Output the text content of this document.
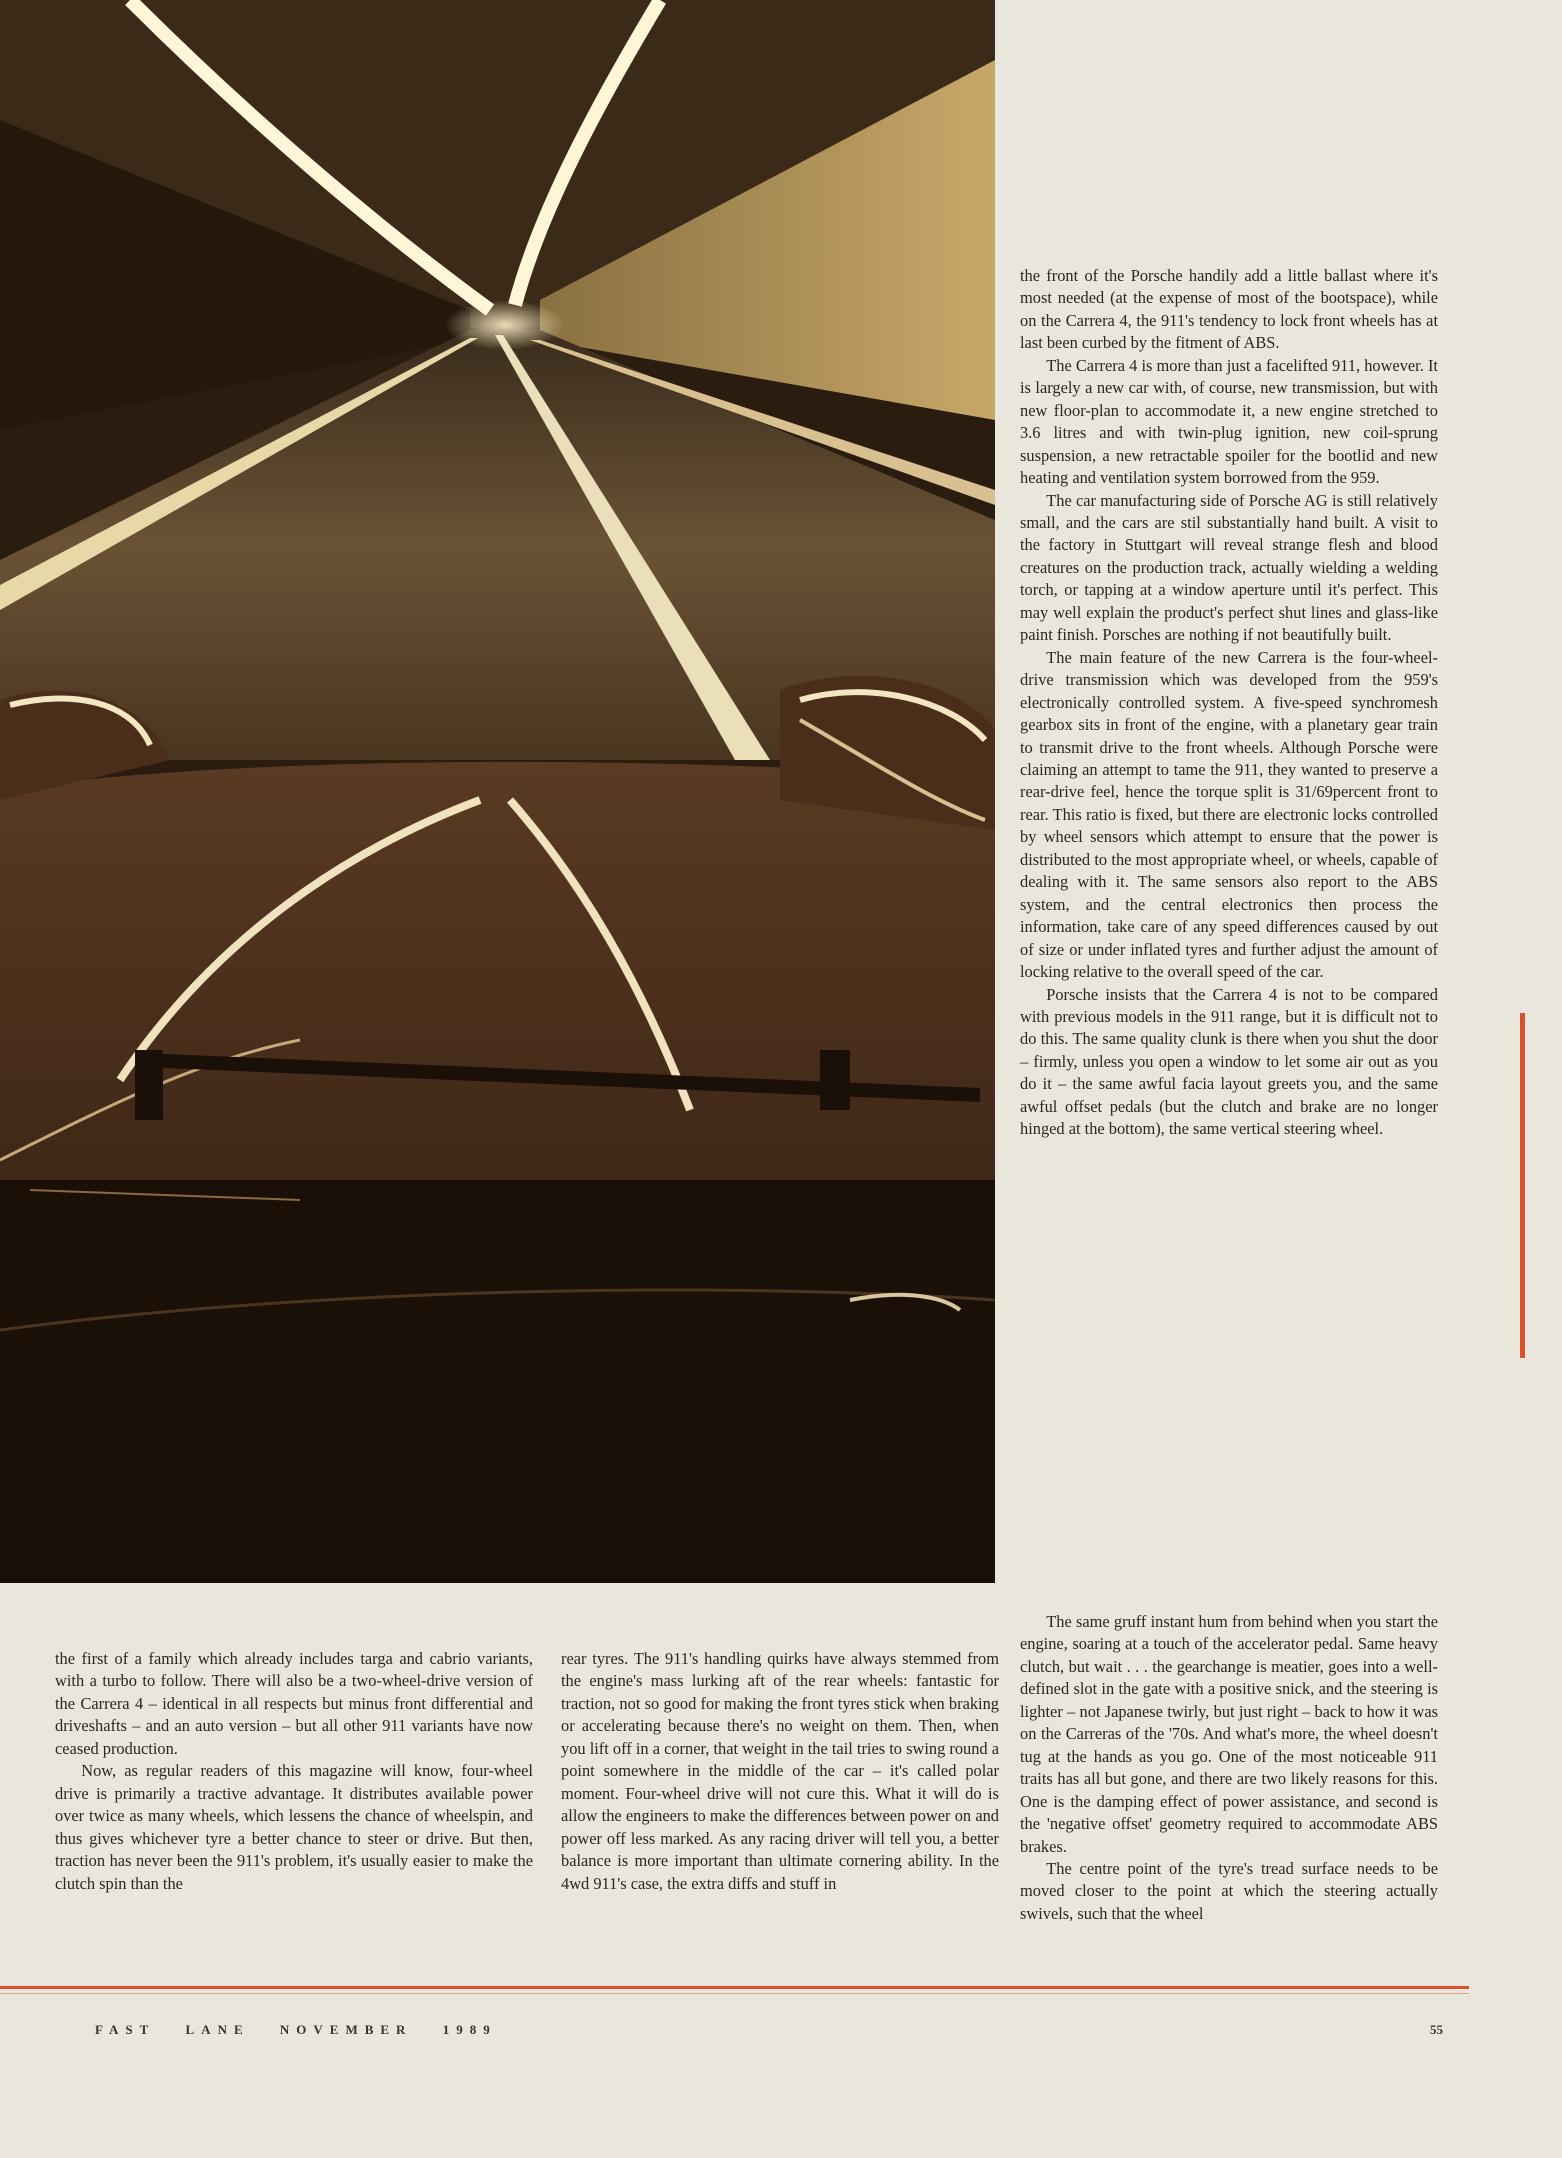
the front of the Porsche handily add a little ballast where it's most needed (at the expense of most of the bootspace), while on the Carrera 4, the 911's tendency to lock front wheels has at last been curbed by the fitment of ABS.

The Carrera 4 is more than just a facelifted 911, however. It is largely a new car with, of course, new transmission, but with new floor-plan to accommodate it, a new engine stretched to 3.6 litres and with twin-plug ignition, new coil-sprung suspension, a new retractable spoiler for the bootlid and new heating and ventilation system borrowed from the 959.

The car manufacturing side of Porsche AG is still relatively small, and the cars are stil substantially hand built. A visit to the factory in Stuttgart will reveal strange flesh and blood creatures on the production track, actually wielding a welding torch, or tapping at a window aperture until it's perfect. This may well explain the product's perfect shut lines and glass-like paint finish. Porsches are nothing if not beautifully built.

The main feature of the new Carrera is the four-wheel-drive transmission which was developed from the 959's electronically controlled system. A five-speed synchromesh gearbox sits in front of the engine, with a planetary gear train to transmit drive to the front wheels. Although Porsche were claiming an attempt to tame the 911, they wanted to preserve a rear-drive feel, hence the torque split is 31/69percent front to rear. This ratio is fixed, but there are electronic locks controlled by wheel sensors which attempt to ensure that the power is distributed to the most appropriate wheel, or wheels, capable of dealing with it. The same sensors also report to the ABS system, and the central electronics then process the information, take care of any speed differences caused by out of size or under inflated tyres and further adjust the amount of locking relative to the overall speed of the car.

Porsche insists that the Carrera 4 is not to be compared with previous models in the 911 range, but it is difficult not to do this. The same quality clunk is there when you shut the door – firmly, unless you open a window to let some air out as you do it – the same awful facia layout greets you, and the same awful offset pedals (but the clutch and brake are no longer hinged at the bottom), the same vertical steering wheel.

the first of a family which already includes targa and cabrio variants, with a turbo to follow. There will also be a two-wheel-drive version of the Carrera 4 – identical in all respects but minus front differential and driveshafts – and an auto version – but all other 911 variants have now ceased production.

Now, as regular readers of this magazine will know, four-wheel drive is primarily a tractive advantage. It distributes available power over twice as many wheels, which lessens the chance of wheelspin, and thus gives whichever tyre a better chance to steer or drive. But then, traction has never been the 911's problem, it's usually easier to make the clutch spin than the

rear tyres. The 911's handling quirks have always stemmed from the engine's mass lurking aft of the rear wheels: fantastic for traction, not so good for making the front tyres stick when braking or accelerating because there's no weight on them. Then, when you lift off in a corner, that weight in the tail tries to swing round a point somewhere in the middle of the car – it's called polar moment. Four-wheel drive will not cure this. What it will do is allow the engineers to make the differences between power on and power off less marked. As any racing driver will tell you, a better balance is more important than ultimate cornering ability. In the 4wd 911's case, the extra diffs and stuff in

The same gruff instant hum from behind when you start the engine, soaring at a touch of the accelerator pedal. Same heavy clutch, but wait . . . the gearchange is meatier, goes into a well-defined slot in the gate with a positive snick, and the steering is lighter – not Japanese twirly, but just right – back to how it was on the Carreras of the '70s. And what's more, the wheel doesn't tug at the hands as you go. One of the most noticeable 911 traits has all but gone, and there are two likely reasons for this. One is the damping effect of power assistance, and second is the 'negative offset' geometry required to accommodate ABS brakes.

The centre point of the tyre's tread surface needs to be moved closer to the point at which the steering actually swivels, such that the wheel

FAST LANE NOVEMBER 1989	55
